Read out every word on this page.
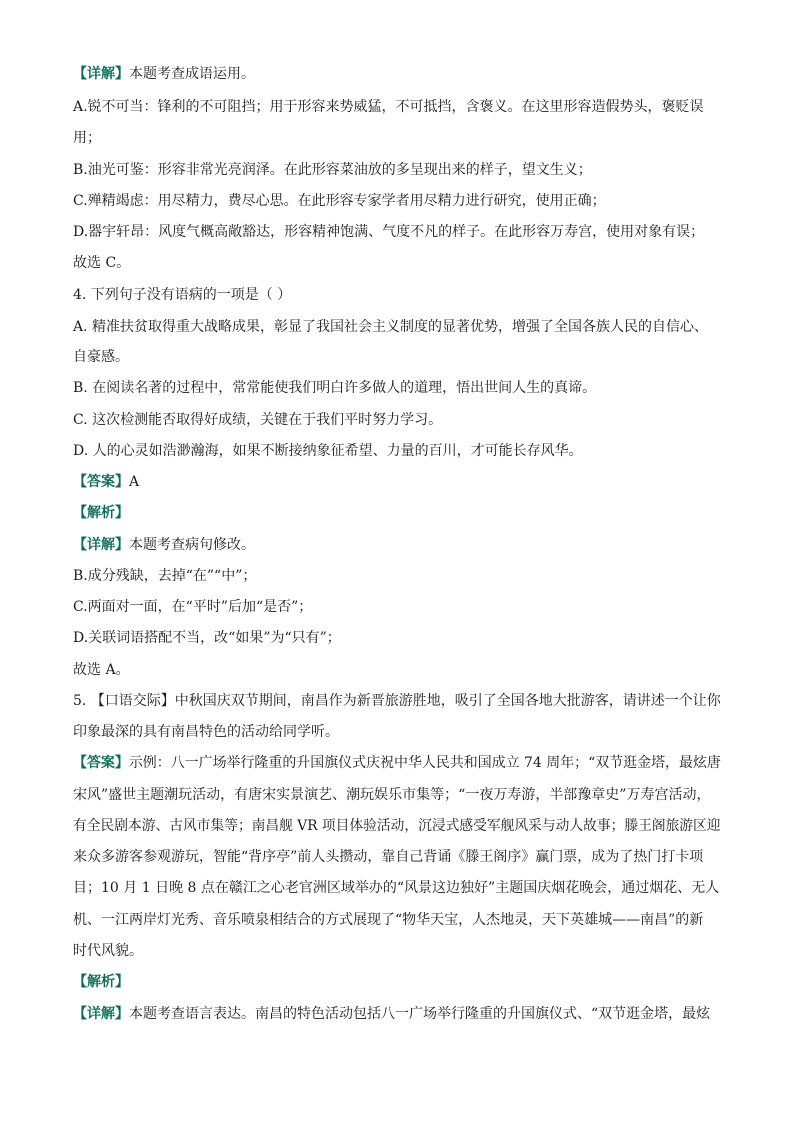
【详解】本题考查成语运用。
A.锐不可当：锋利的不可阻挡；用于形容来势威猛，不可抵挡，含褒义。在这里形容造假势头，褒贬误
用；
B.油光可鉴：形容非常光亮润泽。在此形容菜油放的多呈现出来的样子，望文生义；
C.殚精竭虑：用尽精力，费尽心思。在此形容专家学者用尽精力进行研究，使用正确；
D.器宇轩昂：风度气概高敞豁达，形容精神饱满、气度不凡的样子。在此形容万寿宫，使用对象有误；
故选 C。
4. 下列句子没有语病的一项是（ ）
A. 精准扶贫取得重大战略成果，彰显了我国社会主义制度的显著优势，增强了全国各族人民的自信心、
自豪感。
B. 在阅读名著的过程中，常常能使我们明白许多做人的道理，悟出世间人生的真谛。
C. 这次检测能否取得好成绩，关键在于我们平时努力学习。
D. 人的心灵如浩渺瀚海，如果不断接纳象征希望、力量的百川，才可能长存风华。
【答案】A
【解析】
【详解】本题考查病句修改。
B.成分残缺，去掉“在”“中”；
C.两面对一面，在“平时”后加“是否”；
D.关联词语搭配不当，改“如果”为“只有”；
故选 A。
5. 【口语交际】中秋国庆双节期间，南昌作为新晋旅游胜地，吸引了全国各地大批游客，请讲述一个让你
印象最深的具有南昌特色的活动给同学听。
【答案】示例：八一广场举行隆重的升国旗仪式庆祝中华人民共和国成立 74 周年；“双节逛金塔，最炫唐
宋风”盛世主题潮玩活动，有唐宋实景演艺、潮玩娱乐市集等；“一夜万寿游，半部豫章史”万寿宫活动，
有全民剧本游、古风市集等；南昌舰 VR 项目体验活动，沉浸式感受军舰风采与动人故事；滕王阁旅游区迎
来众多游客参观游玩，智能“背序亭”前人头攒动，靠自己背诵《滕王阁序》赢门票，成为了热门打卡项
目；10 月 1 日晚 8 点在赣江之心老官洲区域举办的“风景这边独好”主题国庆烟花晚会，通过烟花、无人
机、一江两岸灯光秀、音乐喷泉相结合的方式展现了“物华天宝，人杰地灵，天下英雄城——南昌”的新
时代风貌。
【解析】
【详解】本题考查语言表达。南昌的特色活动包括八一广场举行隆重的升国旗仪式、“双节逛金塔，最炫
